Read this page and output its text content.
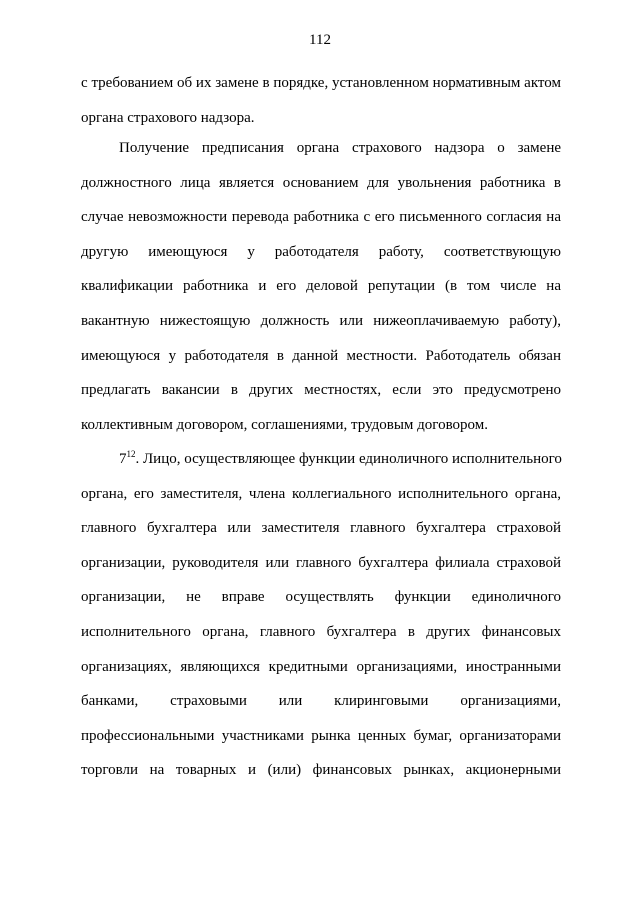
112
с требованием об их замене в порядке, установленном нормативным актом
органа страхового надзора.
Получение предписания органа страхового надзора о замене
должностного лица является основанием для увольнения работника в
случае невозможности перевода работника с его письменного согласия на
другую имеющуюся у работодателя работу, соответствующую
квалификации работника и его деловой репутации (в том числе на
вакантную нижестоящую должность или нижеоплачиваемую работу),
имеющуюся у работодателя в данной местности. Работодатель обязан
предлагать вакансии в других местностях, если это предусмотрено
коллективным договором, соглашениями, трудовым договором.
$7^{12}$. Лицо, осуществляющее функции единоличного исполнительного
органа, его заместителя, члена коллегиального исполнительного органа,
главного бухгалтера или заместителя главного бухгалтера страховой
организации, руководителя или главного бухгалтера филиала страховой
организации, не вправе осуществлять функции единоличного
исполнительного органа, главного бухгалтера в других финансовых
организациях, являющихся кредитными организациями, иностранными
банками, страховыми или клиринговыми организациями,
профессиональными участниками рынка ценных бумаг, организаторами
торговли на товарных и (или) финансовых рынках, акционерными
